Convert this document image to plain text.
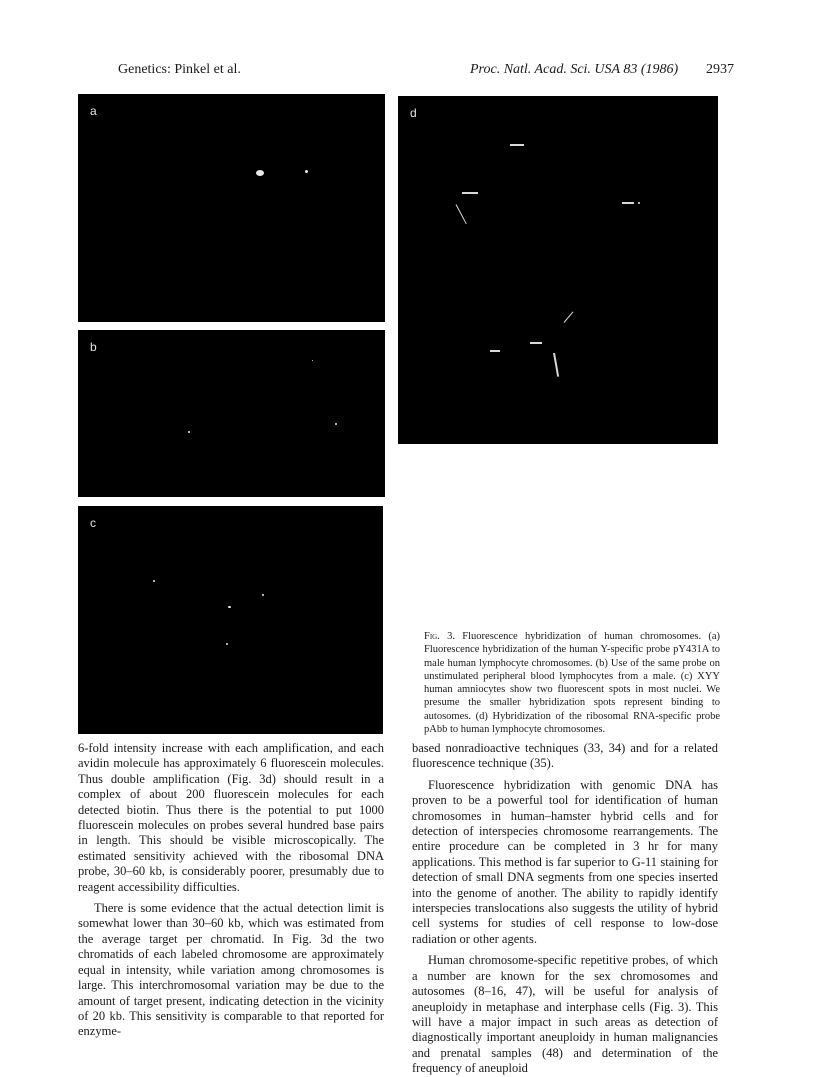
Genetics: Pinkel et al.	Proc. Natl. Acad. Sci. USA 83 (1986) 2937
a
b
c
d

Fig. 3. Fluorescence hybridization of human chromosomes. (a) Fluorescence hybridization of the human Y-specific probe pY431A to male human lymphocyte chromosomes. (b) Use of the same probe on unstimulated peripheral blood lymphocytes from a male. (c) XYY human amniocytes show two fluorescent spots in most nuclei. We presume the smaller hybridization spots represent binding to autosomes. (d) Hybridization of the ribosomal RNA-specific probe pAbb to human lymphocyte chromosomes.

6-fold intensity increase with each amplification, and each avidin molecule has approximately 6 fluorescein molecules. Thus double amplification (Fig. 3d) should result in a complex of about 200 fluorescein molecules for each detected biotin. Thus there is the potential to put 1000 fluorescein molecules on probes several hundred base pairs in length. This should be visible microscopically. The estimated sensitivity achieved with the ribosomal DNA probe, 30–60 kb, is considerably poorer, presumably due to reagent accessibility difficulties.

There is some evidence that the actual detection limit is somewhat lower than 30–60 kb, which was estimated from the average target per chromatid. In Fig. 3d the two chromatids of each labeled chromosome are approximately equal in intensity, while variation among chromosomes is large. This interchromosomal variation may be due to the amount of target present, indicating detection in the vicinity of 20 kb. This sensitivity is comparable to that reported for enzyme-

based nonradioactive techniques (33, 34) and for a related fluorescence technique (35).

Fluorescence hybridization with genomic DNA has proven to be a powerful tool for identification of human chromosomes in human–hamster hybrid cells and for detection of interspecies chromosome rearrangements. The entire procedure can be completed in 3 hr for many applications. This method is far superior to G-11 staining for detection of small DNA segments from one species inserted into the genome of another. The ability to rapidly identify interspecies translocations also suggests the utility of hybrid cell systems for studies of cell response to low-dose radiation or other agents.

Human chromosome-specific repetitive probes, of which a number are known for the sex chromosomes and autosomes (8–16, 47), will be useful for analysis of aneuploidy in metaphase and interphase cells (Fig. 3). This will have a major impact in such areas as detection of diagnostically important aneuploidy in human malignancies and prenatal samples (48) and determination of the frequency of aneuploid
